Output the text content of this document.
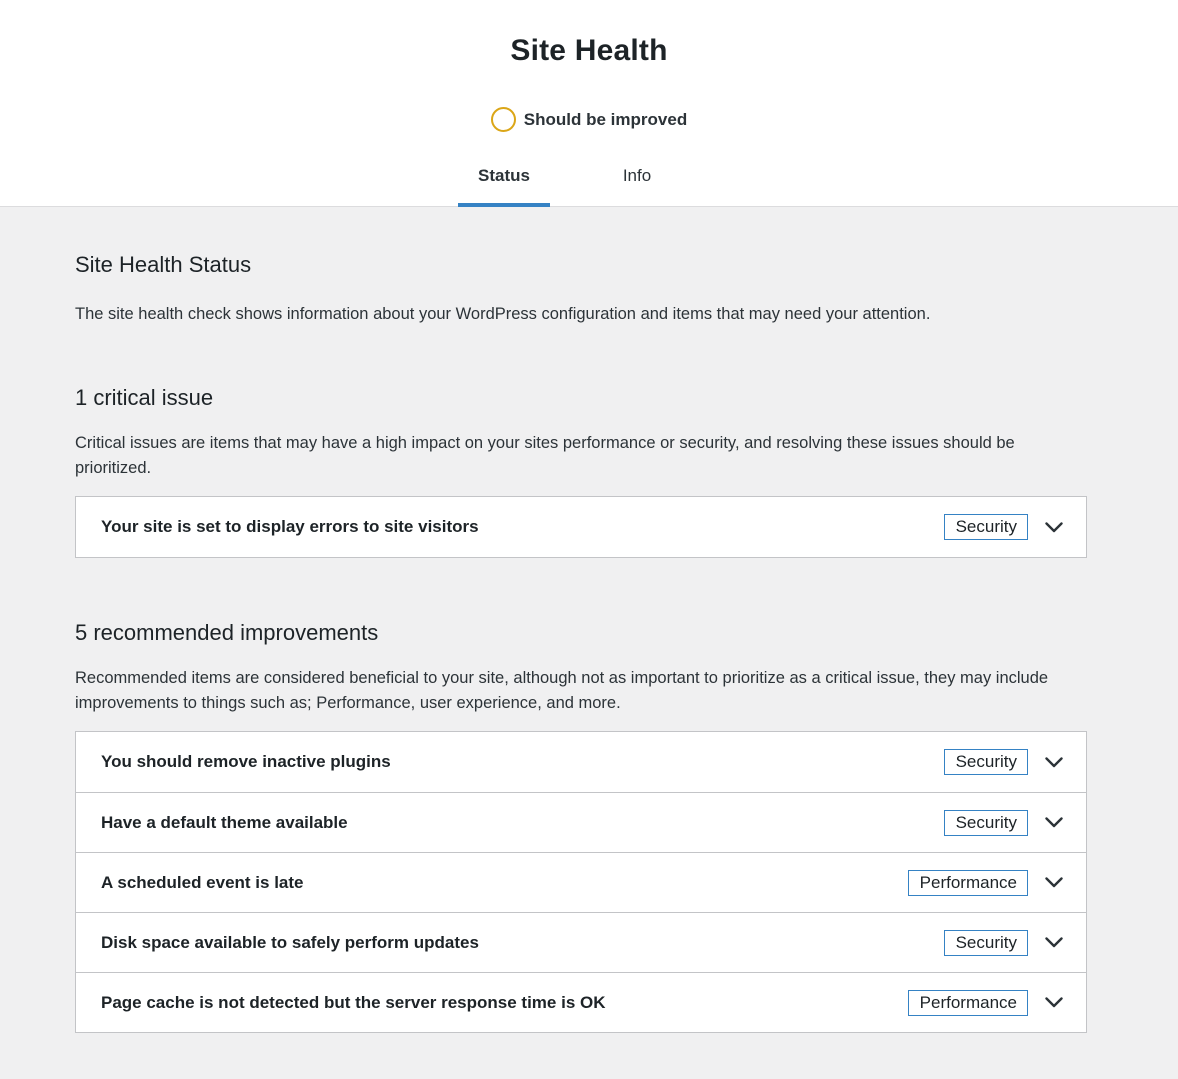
Site Health
Should be improved
Status	Info
Site Health Status

The site health check shows information about your WordPress configuration and items that may need your attention.

1 critical issue

Critical issues are items that may have a high impact on your sites performance or security, and resolving these issues should be prioritized.

Your site is set to display errors to site visitors	Security
5 recommended improvements

Recommended items are considered beneficial to your site, although not as important to prioritize as a critical issue, they may include improvements to things such as; Performance, user experience, and more.

You should remove inactive plugins	Security
Have a default theme available	Security
A scheduled event is late	Performance
Disk space available to safely perform updates	Security
Page cache is not detected but the server response time is OK	Performance
